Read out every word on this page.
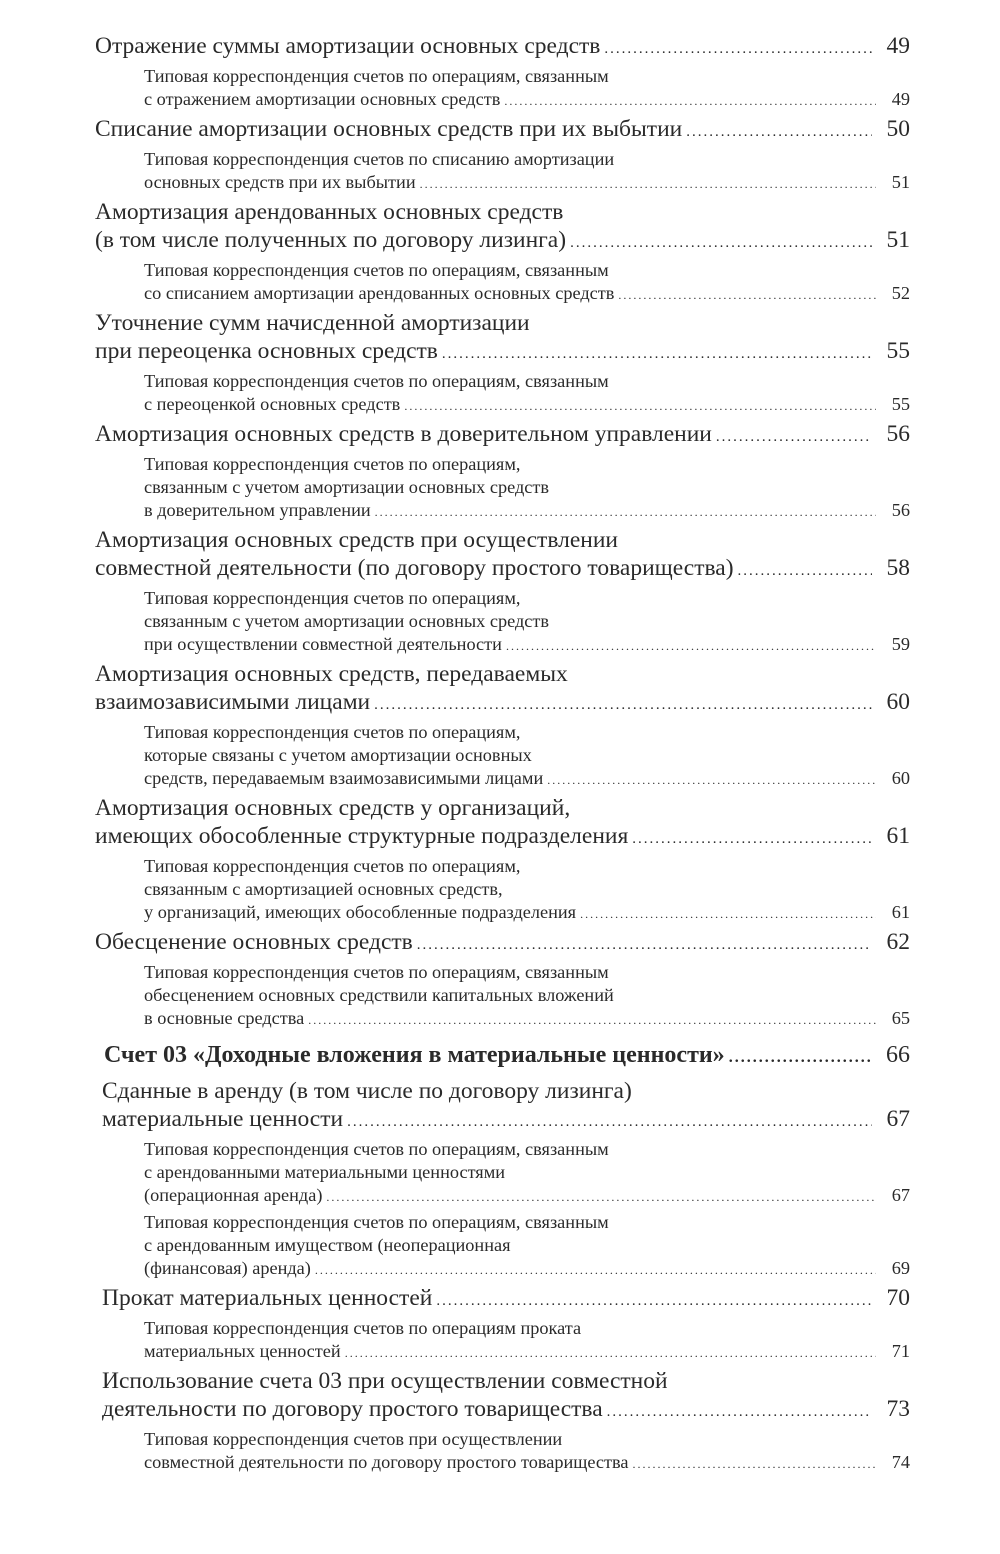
Отражение суммы амортизации основных средств .....	49
Типовая корреспонденция счетов по операциям, связанным
с отражением амортизации основных средств .....	49
Списание амортизации основных средств при их выбытии .....	50
Типовая корреспонденция счетов по списанию амортизации
основных средств при их выбытии .....	51
Амортизация арендованных основных средств
(в том числе полученных по договору лизинга) .....	51
Типовая корреспонденция счетов по операциям, связанным
со списанием амортизации арендованных основных средств .....	52
Уточнение сумм начисденной амортизации
при переоценка основных средств .....	55
Типовая корреспонденция счетов по операциям, связанным
с переоценкой основных средств .....	55
Амортизация основных средств в доверительном управлении .....	56
Типовая корреспонденция счетов по операциям,
связанным с учетом амортизации основных средств
в доверительном управлении .....	56
Амортизация основных средств при осуществлении
совместной деятельности (по договору простого товарищества) .....	58
Типовая корреспонденция счетов по операциям,
связанным с учетом амортизации основных средств
при осуществлении совместной деятельности .....	59
Амортизация основных средств, передаваемых
взаимозависимыми лицами .....	60
Типовая корреспонденция счетов по операциям,
которые связаны с учетом амортизации основных
средств, передаваемым взаимозависимыми лицами .....	60
Амортизация основных средств у организаций,
имеющих обособленные структурные подразделения .....	61
Типовая корреспонденция счетов по операциям,
связанным с амортизацией основных средств,
у организаций, имеющих обособленные подразделения .....	61
Обесценение основных средств .....	62
Типовая корреспонденция счетов по операциям, связанным
обесценением основных средствили капитальных вложений
в основные средства .....	65
Счет 03 «Доходные вложения в материальные ценности» .....	66
Сданные в аренду (в том числе по договору лизинга)
материальные ценности .....	67
Типовая корреспонденция счетов по операциям, связанным
с арендованными материальными ценностями
(операционная аренда) .....	67
Типовая корреспонденция счетов по операциям, связанным
с арендованным имуществом (неоперационная
(финансовая) аренда) .....	69
Прокат материальных ценностей .....	70
Типовая корреспонденция счетов по операциям проката
материальных ценностей .....	71
Использование счета 03 при осуществлении совместной
деятельности по договору простого товарищества .....	73
Типовая корреспонденция счетов при осуществлении
совместной деятельности по договору простого товарищества .....	74
